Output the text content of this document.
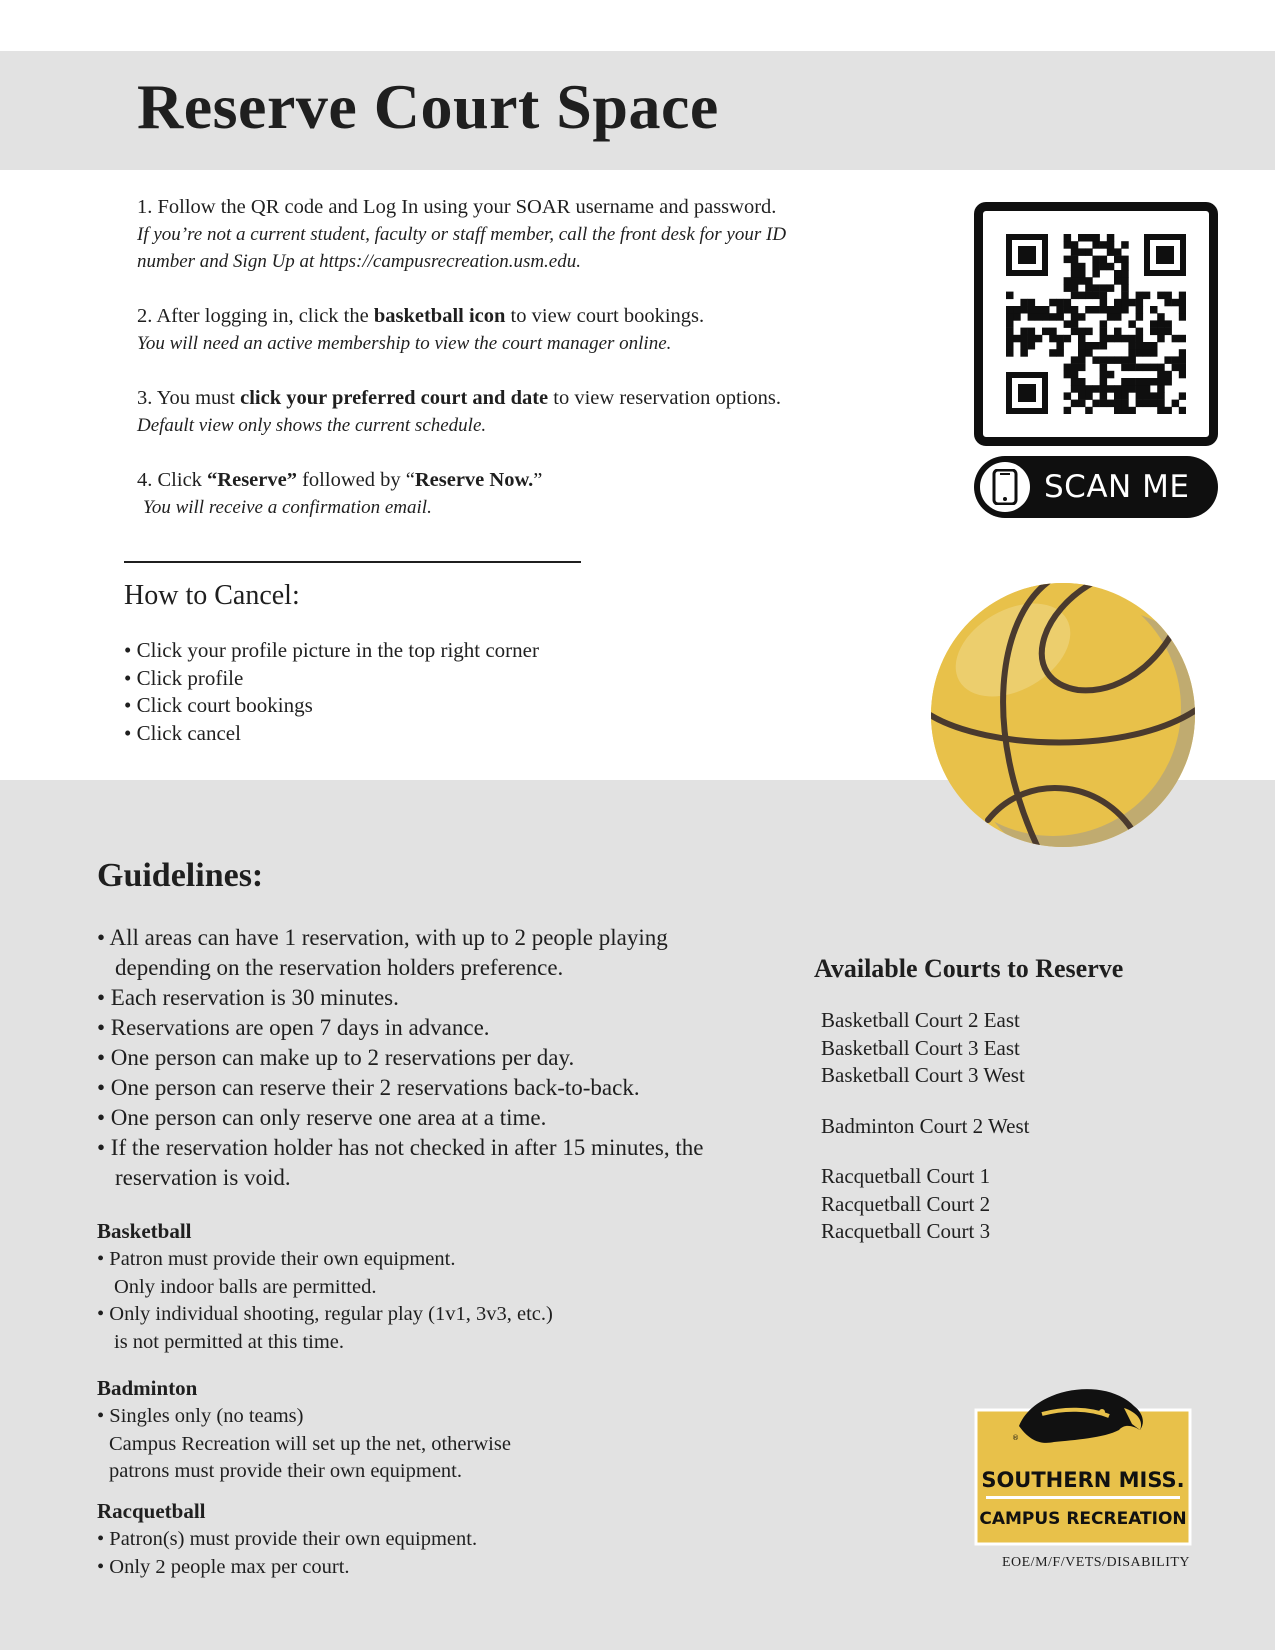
Reserve Court Space
1. Follow the QR code and Log In using your SOAR username and password.
If you’re not a current student, faculty or staff member, call the front desk for your ID
number and Sign Up at https://campusrecreation.usm.edu.
2. After logging in, click the basketball icon to view court bookings.
You will need an active membership to view the court manager online.
3. You must click your preferred court and date to view reservation options.
Default view only shows the current schedule.
4. Click “Reserve” followed by “Reserve Now.”
You will receive a confirmation email.
SCAN ME
How to Cancel:
• Click your profile picture in the top right corner
• Click profile
• Click court bookings
• Click cancel
Guidelines:
• All areas can have 1 reservation, with up to 2 people playing depending on the reservation holders preference.
• Each reservation is 30 minutes.
• Reservations are open 7 days in advance.
• One person can make up to 2 reservations per day.
• One person can reserve their 2 reservations back-to-back.
• One person can only reserve one area at a time.
• If the reservation holder has not checked in after 15 minutes, the reservation is void.
Basketball
• Patron must provide their own equipment.
Only indoor balls are permitted.
• Only individual shooting, regular play (1v1, 3v3, etc.)
is not permitted at this time.
Badminton
• Singles only (no teams)
Campus Recreation will set up the net, otherwise
patrons must provide their own equipment.
Racquetball
• Patron(s) must provide their own equipment.
• Only 2 people max per court.
Available Courts to Reserve
Basketball Court 2 East
Basketball Court 3 East
Basketball Court 3 West
Badminton Court 2 West
Racquetball Court 1
Racquetball Court 2
Racquetball Court 3
®
SOUTHERN MISS.
CAMPUS RECREATION
EOE/M/F/VETS/DISABILITY
